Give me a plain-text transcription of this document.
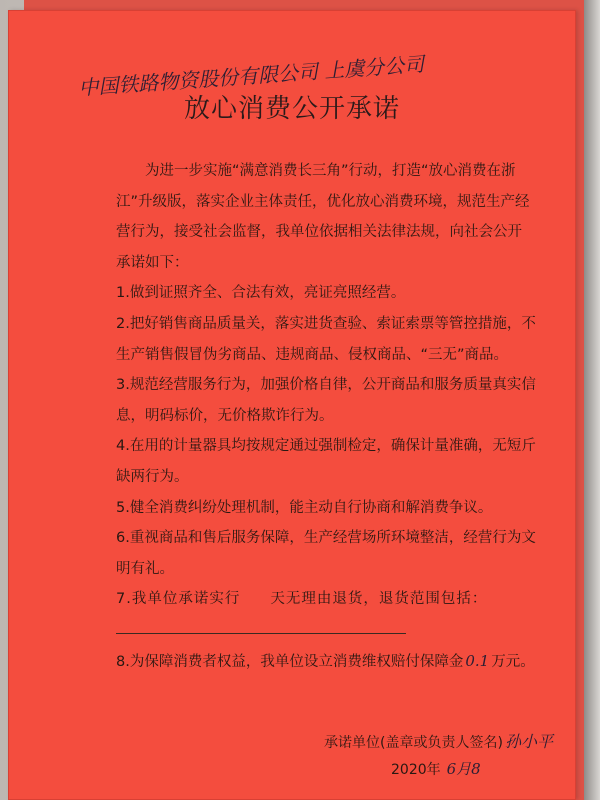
中国铁路物资股份有限公司 上虞分公司
放心消费公开承诺

为进一步实施“满意消费长三角”行动，打造“放心消费在浙江”升级版，落实企业主体责任，优化放心消费环境，规范生产经营行为，接受社会监督，我单位依据相关法律法规，向社会公开承诺如下：

1.做到证照齐全、合法有效，亮证亮照经营。

2.把好销售商品质量关，落实进货查验、索证索票等管控措施，不生产销售假冒伪劣商品、违规商品、侵权商品、“三无”商品。

3.规范经营服务行为，加强价格自律，公开商品和服务质量真实信息，明码标价，无价格欺诈行为。

4.在用的计量器具均按规定通过强制检定，确保计量准确，无短斤缺两行为。

5.健全消费纠纷处理机制，能主动自行协商和解消费争议。

6.重视商品和售后服务保障，生产经营场所环境整洁，经营行为文明有礼。

7.我单位承诺实行 天无理由退货，退货范围包括：

8.为保障消费者权益，我单位设立消费维权赔付保障金 0.1 万元。

承诺单位(盖章或负责人签名) 孙小平
2020年 6月8
